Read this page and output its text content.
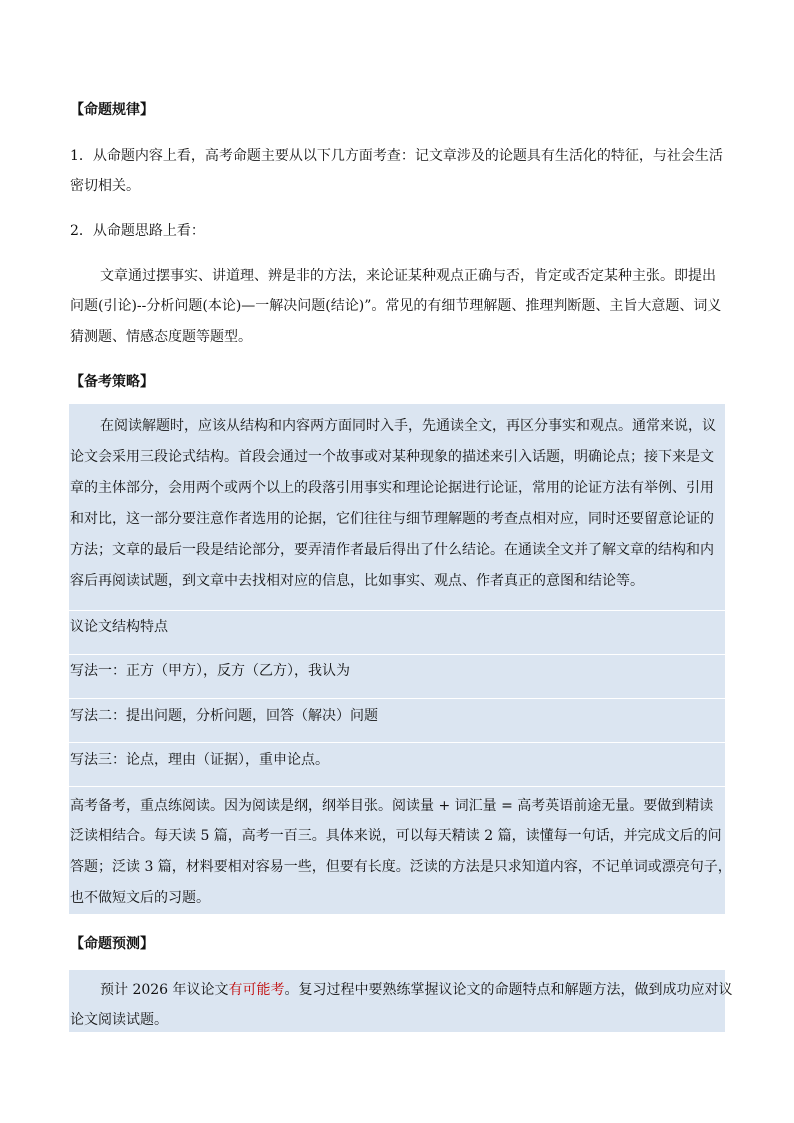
【命题规律】
1．从命题内容上看，高考命题主要从以下几方面考查：记文章涉及的论题具有生活化的特征，与社会生活
密切相关。
2．从命题思路上看：
文章通过摆事实、讲道理、辨是非的方法，来论证某种观点正确与否，肯定或否定某种主张。即提出
问题(引论)--分析问题(本论)—一解决问题(结论)”。常见的有细节理解题、推理判断题、主旨大意题、词义
猜测题、情感态度题等题型。
【备考策略】
在阅读解题时，应该从结构和内容两方面同时入手，先通读全文，再区分事实和观点。通常来说，议
论文会采用三段论式结构。首段会通过一个故事或对某种现象的描述来引入话题，明确论点；接下来是文
章的主体部分，会用两个或两个以上的段落引用事实和理论论据进行论证，常用的论证方法有举例、引用
和对比，这一部分要注意作者选用的论据，它们往往与细节理解题的考查点相对应，同时还要留意论证的
方法；文章的最后一段是结论部分，要弄清作者最后得出了什么结论。在通读全文并了解文章的结构和内
容后再阅读试题，到文章中去找相对应的信息，比如事实、观点、作者真正的意图和结论等。
议论文结构特点
写法一：正方（甲方），反方（乙方），我认为
写法二：提出问题，分析问题，回答（解决）问题
写法三：论点，理由（证据），重申论点。
高考备考，重点练阅读。因为阅读是纲，纲举目张。阅读量 + 词汇量 = 高考英语前途无量。要做到精读
泛读相结合。每天读 5 篇，高考一百三。具体来说，可以每天精读 2 篇，读懂每一句话，并完成文后的问
答题；泛读 3 篇，材料要相对容易一些，但要有长度。泛读的方法是只求知道内容，不记单词或漂亮句子，
也不做短文后的习题。
【命题预测】
预计 2026 年议论文有可能考。复习过程中要熟练掌握议论文的命题特点和解题方法，做到成功应对议
论文阅读试题。
